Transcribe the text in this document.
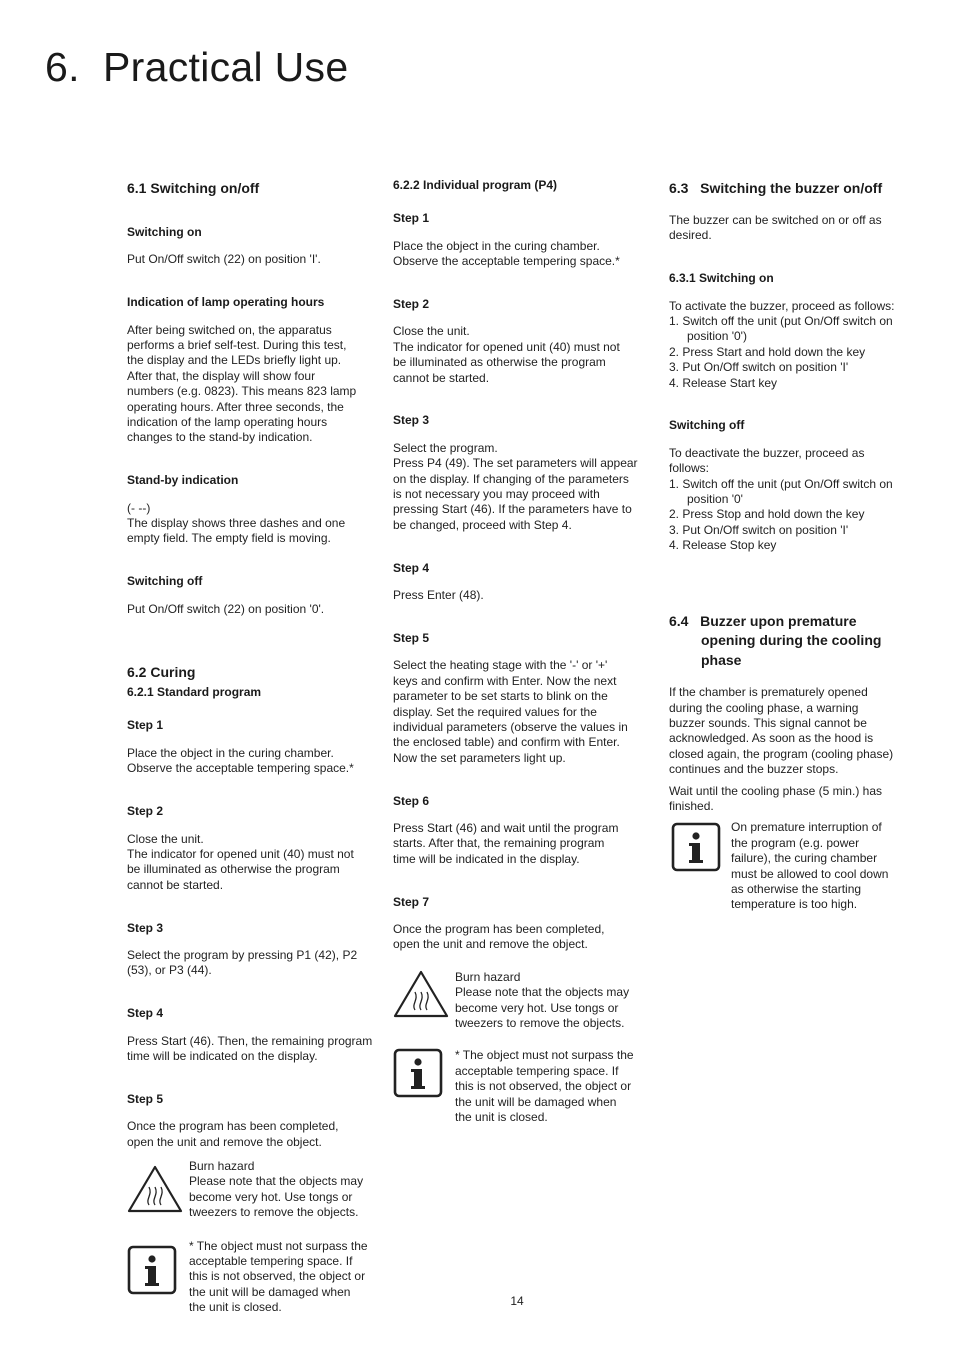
6. Practical Use

6.1 Switching on/off

Switching on

Put On/Off switch (22) on position 'I'.

Indication of lamp operating hours

After being switched on, the apparatus

performs a brief self-test. During this test,

the display and the LEDs briefly light up.

After that, the display will show four

numbers (e.g. 0823). This means 823 lamp

operating hours. After three seconds, the

indication of the lamp operating hours

changes to the stand-by indication.

Stand-by indication

(- --)

The display shows three dashes and one

empty field. The empty field is moving.

Switching off

Put On/Off switch (22) on position '0'.

6.2 Curing

6.2.1 Standard program

Step 1

Place the object in the curing chamber.

Observe the acceptable tempering space.*

Step 2

Close the unit.

The indicator for opened unit (40) must not

be illuminated as otherwise the program

cannot be started.

Step 3

Select the program by pressing P1 (42), P2

(53), or P3 (44).

Step 4

Press Start (46). Then, the remaining program

time will be indicated on the display.

Step 5

Once the program has been completed,

open the unit and remove the object.

Burn hazard

Please note that the objects may

become very hot. Use tongs or

tweezers to remove the objects.

* The object must not surpass the

acceptable tempering space. If

this is not observed, the object or

the unit will be damaged when

the unit is closed.

6.2.2 Individual program (P4)

Step 1

Place the object in the curing chamber.

Observe the acceptable tempering space.*

Step 2

Close the unit.

The indicator for opened unit (40) must not

be illuminated as otherwise the program

cannot be started.

Step 3

Select the program.

Press P4 (49). The set parameters will appear

on the display. If changing of the parameters

is not necessary you may proceed with

pressing Start (46). If the parameters have to

be changed, proceed with Step 4.

Step 4

Press Enter (48).

Step 5

Select the heating stage with the '-' or '+'

keys and confirm with Enter. Now the next

parameter to be set starts to blink on the

display. Set the required values for the

individual parameters (observe the values in

the enclosed table) and confirm with Enter.

Now the set parameters light up.

Step 6

Press Start (46) and wait until the program

starts. After that, the remaining program

time will be indicated in the display.

Step 7

Once the program has been completed,

open the unit and remove the object.

Burn hazard

Please note that the objects may

become very hot. Use tongs or

tweezers to remove the objects.

* The object must not surpass the

acceptable tempering space. If

this is not observed, the object or

the unit will be damaged when

the unit is closed.

6.3   Switching the buzzer on/off

The buzzer can be switched on or off as

desired.

6.3.1 Switching on

To activate the buzzer, proceed as follows:

1. Switch off the unit (put On/Off switch on position '0')
2. Press Start and hold down the key
3. Put On/Off switch on position 'I'
4. Release Start key

Switching off

To deactivate the buzzer, proceed as

follows:

1. Switch off the unit (put On/Off switch on position '0'
2. Press Stop and hold down the key
3. Put On/Off switch on position 'I'
4. Release Stop key

6.4   Buzzer upon premature

opening during the cooling

phase

If the chamber is prematurely opened

during the cooling phase, a warning

buzzer sounds. This signal cannot be

acknowledged. As soon as the hood is

closed again, the program (cooling phase)

continues and the buzzer stops.

Wait until the cooling phase (5 min.) has

finished.

On premature interruption of

the program (e.g. power

failure), the curing chamber

must be allowed to cool down

as otherwise the starting

temperature is too high.

14
